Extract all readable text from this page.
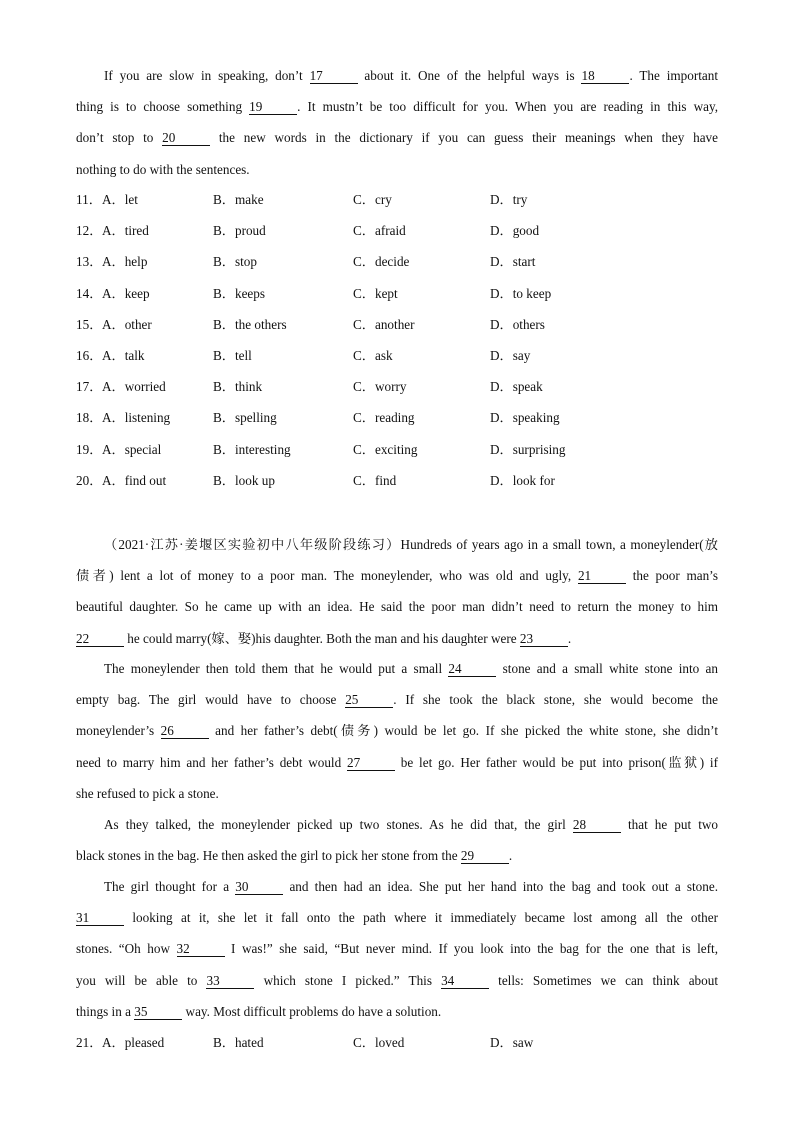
If you are slow in speaking, don’t 17	about it. One of the helpful ways is 18	. The important
thing is to choose something 19	. It mustn’t be too difficult for you. When you are reading in this way,
don’t stop to 20	the new words in the dictionary if you can guess their meanings when they have
nothing to do with the sentences.
11． A．let	B．make	C．cry	D．try
12． A．tired	B．proud	C．afraid	D．good
13． A．help	B．stop	C．decide	D．start
14． A．keep	B．keeps	C．kept	D．to keep
15． A．other	B．the others	C．another	D．others
16． A．talk	B．tell	C．ask	D．say
17． A．worried	B．think	C．worry	D．speak
18． A．listening	B．spelling	C．reading	D．speaking
19． A．special	B．interesting	C．exciting	D．surprising
20． A．find out	B．look up	C．find	D．look for
（2021·江苏·姜堰区实验初中八年级阶段练习）Hundreds of years ago in a small town, a moneylender(放
债者) lent a lot of money to a poor man. The moneylender, who was old and ugly, 21	the poor man’s
beautiful daughter. So he came up with an idea. He said the poor man didn’t need to return the money to him
22	he could marry(嫁、娶)his daughter. Both the man and his daughter were 23	.
The moneylender then told them that he would put a small 24	stone and a small white stone into an
empty bag. The girl would have to choose 25	. If she took the black stone, she would become the
moneylender’s 26	and her father’s debt(债务) would be let go. If she picked the white stone, she didn’t
need to marry him and her father’s debt would 27	be let go. Her father would be put into prison(监狱) if
she refused to pick a stone.
As they talked, the moneylender picked up two stones. As he did that, the girl 28	that he put two
black stones in the bag. He then asked the girl to pick her stone from the 29	.
The girl thought for a 30	and then had an idea. She put her hand into the bag and took out a stone.
31	looking at it, she let it fall onto the path where it immediately became lost among all the other
stones. “Oh how 32	I was!” she said, “But never mind. If you look into the bag for the one that is left,
you will be able to 33	which stone I picked.” This 34	tells: Sometimes we can think about
things in a 35	way. Most difficult problems do have a solution.
21． A．pleased	B．hated	C．loved	D．saw
